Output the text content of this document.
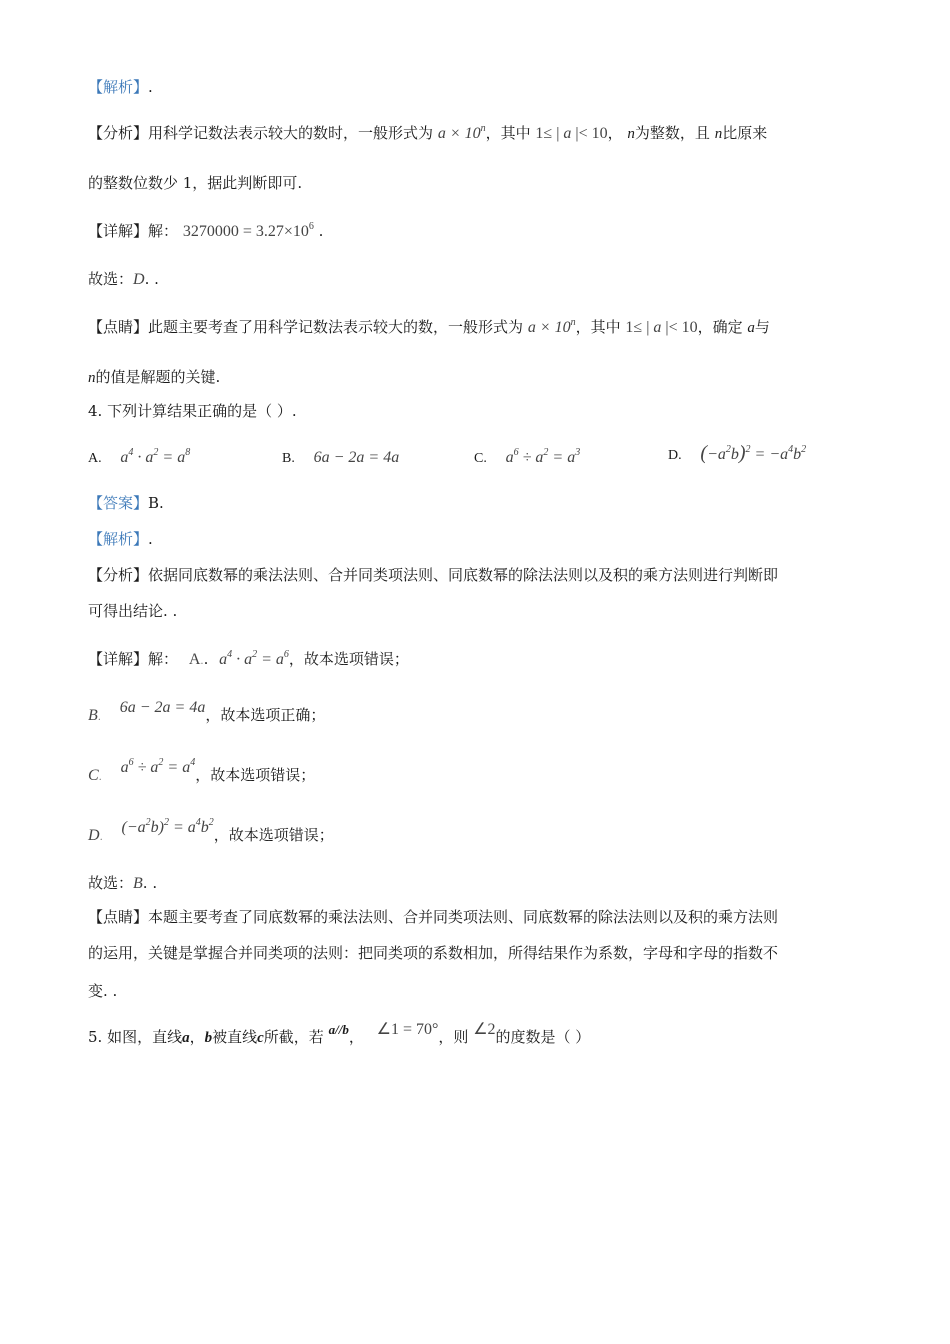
【解析】.
【分析】用科学记数法表示较大的数时，一般形式为 $a \times 10^n$，其中 1≤ | a |< 10， n为整数，且 n比原来
的整数位数少 1，据此判断即可.
【详解】解： $3270000 = 3.27\times 10^6$ .
故选：D. .
【点睛】此题主要考查了用科学记数法表示较大的数，一般形式为 $a \times 10^n$，其中 1≤ | a |< 10，确定 a与
n的值是解题的关键.
4. 下列计算结果正确的是（ ）.
A. $a^4 \cdot a^2 = a^8$	B. 6a − 2a = 4a	C. $a^6 \div a^2 = a^3$	D. $(-a^2b)^2 = -a^4b^2$
【答案】B.
【解析】.
【分析】依据同底数幂的乘法法则、合并同类项法则、同底数幂的除法法则以及积的乘方法则进行判断即
可得出结论. .
【详解】解： A.. $a^4 \cdot a^2 = a^6$，故本选项错误；
B. 6a − 2a = 4a，故本选项正确；
C. $a^6 \div a^2 = a^4$，故本选项错误；
D. $(-a^2b)^2 = a^4b^2$，故本选项错误；
故选：B. .
【点睛】本题主要考查了同底数幂的乘法法则、合并同类项法则、同底数幂的除法法则以及积的乘方法则
的运用，关键是掌握合并同类项的法则：把同类项的系数相加，所得结果作为系数，字母和字母的指数不
变. .
5. 如图，直线a，b被直线c所截，若 a//b， ∠1 = 70°，则 ∠2的度数是（ ）
